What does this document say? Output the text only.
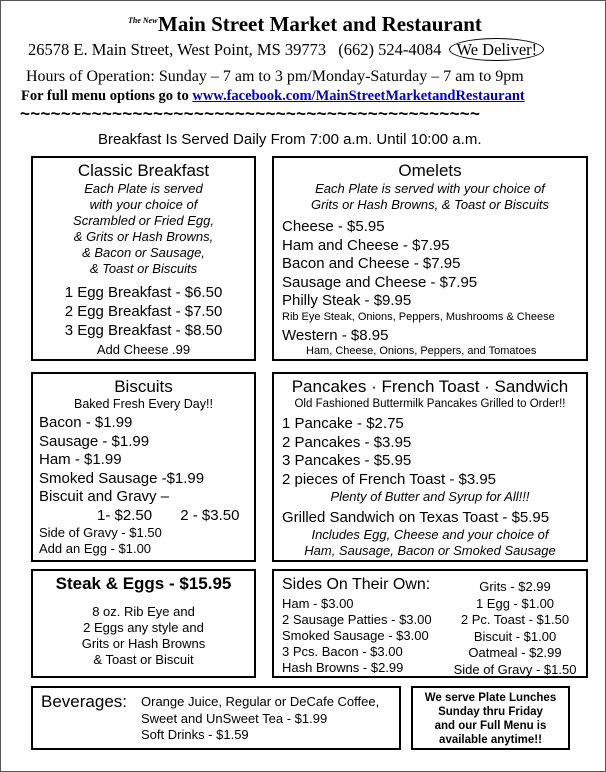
The New Main Street Market and Restaurant
26578 E. Main Street, West Point, MS 39773 (662) 524-4084 We Deliver!
Hours of Operation: Sunday – 7 am to 3 pm/Monday-Saturday – 7 am to 9pm
For full menu options go to www.facebook.com/MainStreetMarketandRestaurant
~~~~~~~~~~~~~~~~~~~~~~~~~~~~~~~~~~~~~~~~~~~~~
Breakfast Is Served Daily From 7:00 a.m. Until 10:00 a.m.
Classic Breakfast
Each Plate is served
with your choice of
Scrambled or Fried Egg,
& Grits or Hash Browns,
& Bacon or Sausage,
& Toast or Biscuits
1 Egg Breakfast - $6.50
2 Egg Breakfast - $7.50
3 Egg Breakfast - $8.50
Add Cheese .99
Omelets
Each Plate is served with your choice of
Grits or Hash Browns, & Toast or Biscuits
Cheese - $5.95
Ham and Cheese - $7.95
Bacon and Cheese - $7.95
Sausage and Cheese - $7.95
Philly Steak - $9.95
Rib Eye Steak, Onions, Peppers, Mushrooms & Cheese
Western - $8.95
Ham, Cheese, Onions, Peppers, and Tomatoes
Biscuits
Baked Fresh Every Day!!
Bacon - $1.99
Sausage - $1.99
Ham - $1.99
Smoked Sausage -$1.99
Biscuit and Gravy –
1- $2.50 2 - $3.50
Side of Gravy - $1.50
Add an Egg - $1.00
Pancakes · French Toast · Sandwich
Old Fashioned Buttermilk Pancakes Grilled to Order!!
1 Pancake - $2.75
2 Pancakes - $3.95
3 Pancakes - $5.95
2 pieces of French Toast - $3.95
Plenty of Butter and Syrup for All!!!
Grilled Sandwich on Texas Toast - $5.95
Includes Egg, Cheese and your choice of
Ham, Sausage, Bacon or Smoked Sausage
Steak & Eggs - $15.95
8 oz. Rib Eye and
2 Eggs any style and
Grits or Hash Browns
& Toast or Biscuit
Sides On Their Own:
Ham - $3.00
2 Sausage Patties - $3.00
Smoked Sausage - $3.00
3 Pcs. Bacon - $3.00
Hash Browns - $2.99
Grits - $2.99
1 Egg - $1.00
2 Pc. Toast - $1.50
Biscuit - $1.00
Oatmeal - $2.99
Side of Gravy - $1.50
Beverages: Orange Juice, Regular or DeCafe Coffee,
Sweet and UnSweet Tea - $1.99
Soft Drinks - $1.59
We serve Plate Lunches
Sunday thru Friday
and our Full Menu is
available anytime!!
